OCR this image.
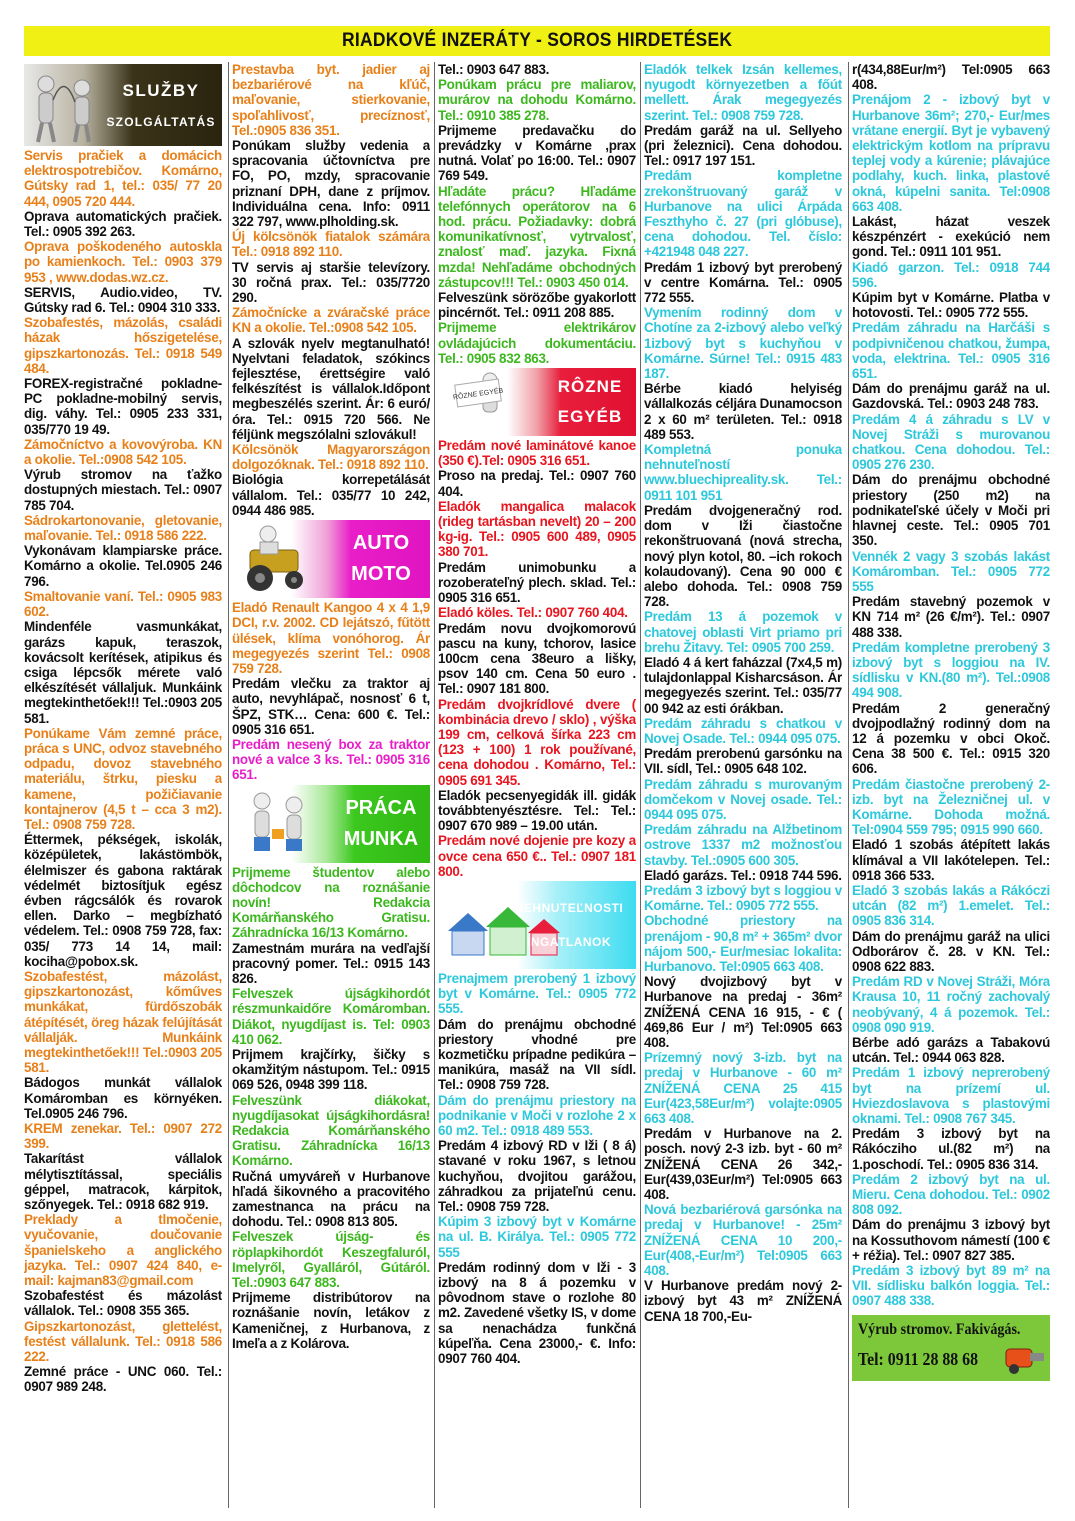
RIADKOVÉ INZERÁTY - SOROS HIRDETÉSEK
SLUŽBY
SZOLGÁLTATÁS

Servis pračiek a domácich elektrospotrebičov. Komárno, Gútsky rad 1, tel.: 035/ 77 20 444, 0905 720 444.

Oprava automatických pračiek. Tel.: 0905 392 263.

Oprava poškodeného autoskla po kamienkoch. Tel.: 0903 379 953 , www.dodas.wz.cz.

SERVIS, Audio.video, TV. Gútsky rad 6. Tel.: 0904 310 333.

Szobafestés, mázolás, családi házak hőszigetelése, gipszkartonozás. Tel.: 0918 549 484.

FOREX-registračné pokladne-PC pokladne-mobilný servis, dig. váhy. Tel.: 0905 233 331, 035/770 19 49.

Zámočníctvo a kovovýroba. KN a okolie. Tel.:0908 542 105.

Výrub stromov na ťažko dostupných miestach. Tel.: 0907 785 704.

Sádrokartonovanie, gletovanie, maľovanie. Tel.: 0918 586 222.

Vykonávam klampiarske práce. Komárno a okolie. Tel.0905 246 796.

Smaltovanie vaní. Tel.: 0905 983 602.

Mindenféle vasmunkákat, garázs kapuk, teraszok, kovácsolt kerítések, atipikus és csiga lépcsők mérete való elkészítését vállaljuk. Munkáink megtekinthetőek!!! Tel.:0903 205 581.

Ponúkame Vám zemné práce, práca s UNC, odvoz stavebného odpadu, dovoz stavebného materiálu, štrku, piesku a kamene, požičiavanie kontajnerov (4,5 t – cca 3 m2). Tel.: 0908 759 728.

Éttermek, pékségek, iskolák, középületek, lakástömbök, élelmiszer és gabona raktárak védelmét biztosítjuk egész évben rágcsálók és rovarok ellen. Darko – megbízható védelem. Tel.: 0908 759 728, fax: 035/ 773 14 14, mail: kociha@pobox.sk.

Szobafestést, mázolást, gipszkartonozást, kőműves munkákat, fürdőszobák átépítését, öreg házak felújítását vállalják. Munkáink megtekinthetőek!!! Tel.:0903 205 581.

Bádogos munkát vállalok Komáromban es környéken. Tel.0905 246 796.

KREM zenekar. Tel.: 0907 272 399.

Takarítást vállalok mélytisztítással, speciális géppel, matracok, kárpitok, szőnyegek. Tel.: 0918 682 919.

Preklady a tlmočenie, vyučovanie, doučovanie španielskeho a anglického jazyka. Tel.: 0907 424 840, e-mail: kajman83@gmail.com

Szobafestést és mázolást vállalok. Tel.: 0908 355 365.

Gipszkartonozást, glettelést, festést vállalunk. Tel.: 0918 586 222.

Zemné práce - UNC 060. Tel.: 0907 989 248.

Prestavba byt. jadier aj bezbariérové na kľúč, maľovanie, stierkovanie, spoľahlivosť, precíznosť, Tel.:0905 836 351.

Ponúkam služby vedenia a spracovania účtovníctva pre FO, PO, mzdy, spracovanie priznaní DPH, dane z príjmov. Individuálna cena. Info: 0911 322 797, www.plholding.sk.

Új kölcsönök fiatalok számára Tel.: 0918 892 110.

TV servis aj staršie televízory. 30 ročná prax. Tel.: 035/7720 290.

Zámočnícke a zváračské práce KN a okolie. Tel.:0908 542 105.

A szlovák nyelv megtanulható! Nyelvtani feladatok, szókincs fejlesztése, érettségire való felkészítést is vállalok.Időpont megbeszélés szerint. Ár: 6 euró/óra. Tel.: 0915 720 566. Ne féljünk megszólalni szlovákul!

Kölcsönök Magyarországon dolgozóknak. Tel.: 0918 892 110.

Biológia korrepetálását vállalom. Tel.: 035/77 10 242, 0944 486 985.

AUTO
MOTO

Eladó Renault Kangoo 4 x 4 1,9 DCI, r.v. 2002. CD lejátszó, fűtött ülések, klíma vonóhorog. Ár megegyezés szerint Tel.: 0908 759 728.

Predám vlečku za traktor aj auto, nevyhlápač, nosnosť 6 t, ŠPZ, STK… Cena: 600 €. Tel.: 0905 316 651.

Predám nesený box za traktor nové a valce 3 ks. Tel.: 0905 316 651.

PRÁCA
MUNKA

Prijmeme študentov alebo dôchodcov na roznášanie novín! Redakcia Komárňanského Gratisu. Záhradnícka 16/13 Komárno.

Zamestnám murára na vedľajší pracovný pomer. Tel.: 0915 143 826.

Felveszek újságkihordót részmunkaidőre Komáromban. Diákot, nyugdíjast is. Tel: 0903 410 062.

Prijmem krajčírky, šičky s okamžitým nástupom. Tel.: 0915 069 526, 0948 399 118.

Felveszünk diákokat, nyugdíjasokat újságkihordásra! Redakcia Komárňanského Gratisu. Záhradnícka 16/13 Komárno.

Ručná umyváreň v Hurbanove hľadá šikovného a pracovitého zamestnanca na prácu na dohodu. Tel.: 0908 813 805.

Felveszek újság- és röplapkihordót Keszegfaluról, Imelyről, Gyalláról, Gútáról. Tel.:0903 647 883.

Prijmeme distribútorov na roznášanie novín, letákov z Kameničnej, z Hurbanova, z Imeľa a z Kolárova.

Tel.: 0903 647 883.

Ponúkam prácu pre maliarov, murárov na dohodu Komárno. Tel.: 0910 385 278.

Prijmeme predavačku do prevádzky v Komárne ,prax nutná. Volať po 16:00. Tel.: 0907 769 549.

Hľadáte prácu? Hľadáme telefónnych operátorov na 6 hod. prácu. Požiadavky: dobrá komunikatívnosť, vytrvalosť, znalosť maď. jazyka. Fixná mzda! Nehľadáme obchodných zástupcov!!! Tel.: 0903 450 014.

Felveszünk sörözőbe gyakorlott pincérnőt. Tel.: 0911 208 885.

Prijmeme elektrikárov ovládajúcich dokumentáciu. Tel.: 0905 832 863.

RÔZNE EGYÉB	RÔZNE
EGYÉB

Predám nové laminátové kanoe (350 €).Tel: 0905 316 651.

Proso na predaj. Tel.: 0907 760 404.

Eladók mangalica malacok (rideg tartásban nevelt) 20 – 200 kg-ig. Tel.: 0905 600 489, 0905 380 701.

Predám unimobunku a rozoberateľný plech. sklad. Tel.: 0905 316 651.

Eladó köles. Tel.: 0907 760 404.

Predám novu dvojkomorovú pascu na kuny, tchorov, lasice 100cm cena 38euro a lišky, psov 140 cm. Cena 50 euro . Tel.: 0907 181 800.

Predám dvojkrídlové dvere ( kombinácia drevo / sklo) , výška 199 cm, celková šírka 223 cm (123 + 100) 1 rok používané, cena dohodou . Komárno, Tel.: 0905 691 345.

Eladók pecsenyegidák ill. gidák továbbtenyésztésre. Tel.: Tel.: 0907 670 989 – 19.00 után.

Predám nové dojenie pre kozy a ovce cena 650 €.. Tel.: 0907 181 800.

NEHNUTEĽNOSTI
INGATLANOK

Prenajmem prerobený 1 izbový byt v Komárne. Tel.: 0905 772 555.

Dám do prenájmu obchodné priestory vhodné pre kozmetičku prípadne pedikúra – manikúra, masáž na VII sídl. Tel.: 0908 759 728.

Dám do prenájmu priestory na podnikanie v Moči v rozlohe 2 x 60 m2. Tel.: 0918 489 553.

Predám 4 izbový RD v Iži ( 8 á) stavané v roku 1967, s letnou kuchyňou, dvojitou garážou, záhradkou za prijateľnú cenu. Tel.: 0908 759 728.

Kúpim 3 izbový byt v Komárne na ul. B. Királya. Tel.: 0905 772 555

Predám rodinný dom v Iži - 3 izbový na 8 á pozemku v pôvodnom stave o rozlohe 80 m2. Zavedené všetky IS, v dome sa nenachádza funkčná kúpeľňa. Cena 23000,- €. Info: 0907 760 404.

Eladók telkek Izsán kellemes, nyugodt környezetben a főút mellett. Árak megegyezés szerint. Tel.: 0908 759 728.

Predám garáž na ul. Sellyeho (pri železnici). Cena dohodou. Tel.: 0917 197 151.

Predám kompletne zrekonštruovaný garáž v Hurbanove na ulici Árpáda Feszthyho č. 27 (pri glóbuse), cena dohodou. Tel. číslo: +421948 048 227.

Predám 1 izbový byt prerobený v centre Komárna. Tel.: 0905 772 555.

Vymením rodinný dom v Chotíne za 2-izbový alebo veľký 1izbový byt s kuchyňou v Komárne. Súrne! Tel.: 0915 483 187.

Bérbe kiadó helyiség vállalkozás céljára Dunamocson 2 x 60 m² területen. Tel.: 0918 489 553.

Kompletná ponuka nehnuteľností www.bluechipreality.sk. Tel.: 0911 101 951

Predám dvojgeneračný rod. dom v Iži čiastočne rekonštruovaná (nová strecha, nový plyn kotol, 80. –ich rokoch kolaudovaný). Cena 90 000 € alebo dohoda. Tel.: 0908 759 728.

Predám 13 á pozemok v chatovej oblasti Virt priamo pri brehu Žitavy. Tel: 0905 700 259.

Eladó 4 á kert faházzal (7x4,5 m) tulajdonlappal Kisharcsáson. Ár megegyezés szerint. Tel.: 035/77 00 942 az esti órákban.

Predám záhradu s chatkou v Novej Osade. Tel.: 0944 095 075.

Predám prerobenú garsónku na VII. sídl, Tel.: 0905 648 102.

Predám záhradu s murovaným domčekom v Novej osade. Tel.: 0944 095 075.

Predám záhradu na Alžbetinom ostrove 1337 m2 možnosťou stavby. Tel.:0905 600 305.

Eladó garázs. Tel.: 0918 744 596.

Predám 3 izbový byt s loggiou v Komárne. Tel.: 0905 772 555.

Obchodné priestory na prenájom - 90,8 m² + 365m² dvor nájom 500,- Eur/mesiac lokalita: Hurbanovo. Tel:0905 663 408.

Nový dvojizbový byt v Hurbanove na predaj - 36m² ZNÍŽENÁ CENA 16 915, - € ( 469,86 Eur / m²) Tel:0905 663 408.

Prízemný nový 3-izb. byt na predaj v Hurbanove - 60 m² ZNÍŽENÁ CENA 25 415 Eur(423,58Eur/m²) volajte:0905 663 408.

Predám v Hurbanove na 2. posch. nový 2-3 izb. byt - 60 m² ZNÍŽENÁ CENA 26 342,-Eur(439,03Eur/m²) Tel:0905 663 408.

Nová bezbariérová garsónka na predaj v Hurbanove! - 25m² ZNÍŽENÁ CENA 10 200,-Eur(408,-Eur/m²) Tel:0905 663 408.

V Hurbanove predám nový 2-izbový byt 43 m² ZNÍŽENÁ CENA 18 700,-Eu-

r(434,88Eur/m²) Tel:0905 663 408.

Prenájom 2 - izbový byt v Hurbanove 36m²; 270,- Eur/mes vrátane energií. Byt je vybavený elektrickým kotlom na prípravu teplej vody a kúrenie; plávajúce podlahy, kuch. linka, plastové okná, kúpelni sanita. Tel:0908 663 408.

Lakást, házat veszek készpénzért - exekúció nem gond. Tel.: 0911 101 951.

Kiadó garzon. Tel.: 0918 744 596.

Kúpim byt v Komárne. Platba v hotovosti. Tel.: 0905 772 555.

Predám záhradu na Harčáši s podpivničenou chatkou, žumpa, voda, elektrina. Tel.: 0905 316 651.

Dám do prenájmu garáž na ul. Gazdovská. Tel.: 0903 248 783.

Predám 4 á záhradu s LV v Novej Stráži s murovanou chatkou. Cena dohodou. Tel.: 0905 276 230.

Dám do prenájmu obchodné priestory (250 m2) na podnikateľské účely v Moči pri hlavnej ceste. Tel.: 0905 701 350.

Vennék 2 vagy 3 szobás lakást Komáromban. Tel.: 0905 772 555

Predám stavebný pozemok v KN 714 m² (26 €/m²). Tel.: 0907 488 338.

Predám kompletne prerobený 3 izbový byt s loggiou na IV. sídlisku v KN.(80 m²). Tel.:0908 494 908.

Predám 2 generačný dvojpodlažný rodinný dom na 12 á pozemku v obci Okoč. Cena 38 500 €. Tel.: 0915 320 606.

Predám čiastočne prerobený 2-izb. byt na Železničnej ul. v Komárne. Dohoda možná. Tel:0904 559 795; 0915 990 660.

Eladó 1 szobás átépített lakás klímával a VII lakótelepen. Tel.: 0918 366 533.

Eladó 3 szobás lakás a Rákóczi utcán (82 m²) 1.emelet. Tel.: 0905 836 314.

Dám do prenájmu garáž na ulici Odborárov č. 28. v KN. Tel.: 0908 622 883.

Predám RD v Novej Stráži, Móra Krausa 10, 11 ročný zachovalý neobývaný, 4 á pozemok. Tel.: 0908 090 919.

Bérbe adó garázs a Tabakovú utcán. Tel.: 0944 063 828.

Predám 1 izbový neprerobený byt na prízemí ul. Hviezdoslavova s plastovými oknami. Tel.: 0908 767 345.

Predám 3 izbový byt na Rákócziho ul.(82 m²) na 1.poschodí. Tel.: 0905 836 314.

Predám 2 izbový byt na ul. Mieru. Cena dohodou. Tel.: 0902 808 092.

Dám do prenájmu 3 izbový byt na Kossuthovom námestí (100 € + réžia). Tel.: 0907 827 385.

Predám 3 izbový byt 89 m² na VII. sídlisku balkón loggia. Tel.: 0907 488 338.

Výrub stromov. Fakivágás.
Tel: 0911 28 88 68
